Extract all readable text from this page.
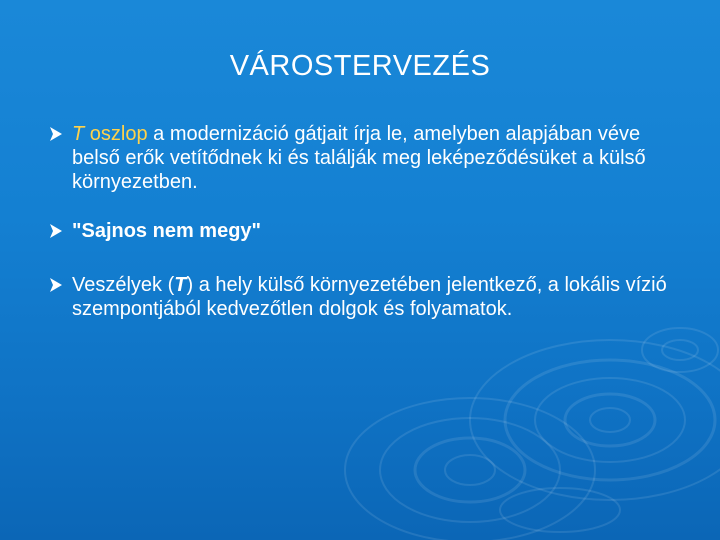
VÁROSTERVEZÉS
T oszlop a modernizáció gátjait írja le, amelyben alapjában véve belső erők vetítődnek ki és találják meg leképeződésüket a külső környezetben.
"Sajnos nem megy"
Veszélyek (T) a hely külső környezetében jelentkező, a lokális vízió szempontjából kedvezőtlen dolgok és folyamatok.
